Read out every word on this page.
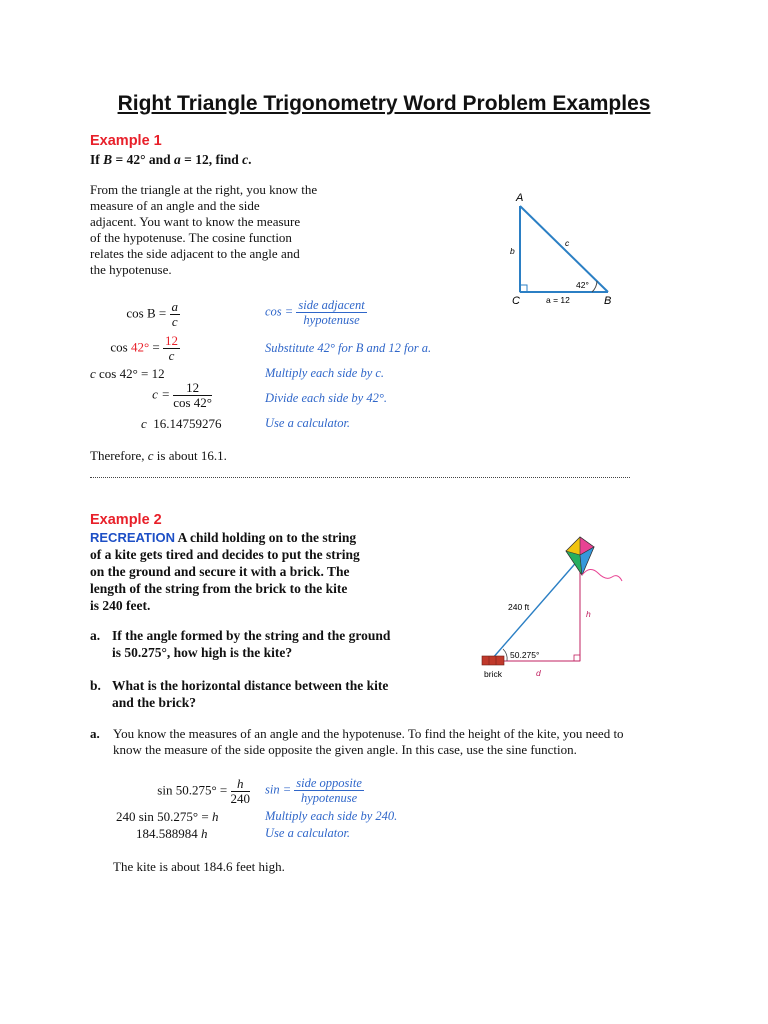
Right Triangle Trigonometry Word Problem Examples
Example 1
If B = 42° and a = 12, find c.
From the triangle at the right, you know the
measure of an angle and the side
adjacent. You want to know the measure
of the hypotenuse. The cosine function
relates the side adjacent to the angle and
the hypotenuse.
A
C	B
b
c
42°
a = 12
$\cos B = \frac{a}{c}$	$\cos = \frac{\text{side adjacent}}{\text{hypotenuse}}$
$\cos 42^\circ = \frac{12}{c}$	Substitute 42° for B and 12 for a.
c cos 42° = 12	Multiply each side by c.
$c = \frac{12}{\cos 42^\circ}$	Divide each side by 42°.
c 16.14759276	Use a calculator.
Therefore, c is about 16.1.
Example 2
RECREATION A child holding on to the string
of a kite gets tired and decides to put the string
on the ground and secure it with a brick. The
length of the string from the brick to the kite
is 240 feet.
a. If the angle formed by the string and the ground
is 50.275°, how high is the kite?
b. What is the horizontal distance between the kite
and the brick?
240 ft
h
50.275°
brick	d
a. You know the measures of an angle and the hypotenuse. To find the height of the kite, you need to
know the measure of the side opposite the given angle. In this case, use the sine function.
$\sin 50.275^\circ = \frac{h}{240}$ $\sin = \frac{\text{side opposite}}{\text{hypotenuse}}$
240 sin 50.275° = h	Multiply each side by 240.
184.588984 h	Use a calculator.
The kite is about 184.6 feet high.
